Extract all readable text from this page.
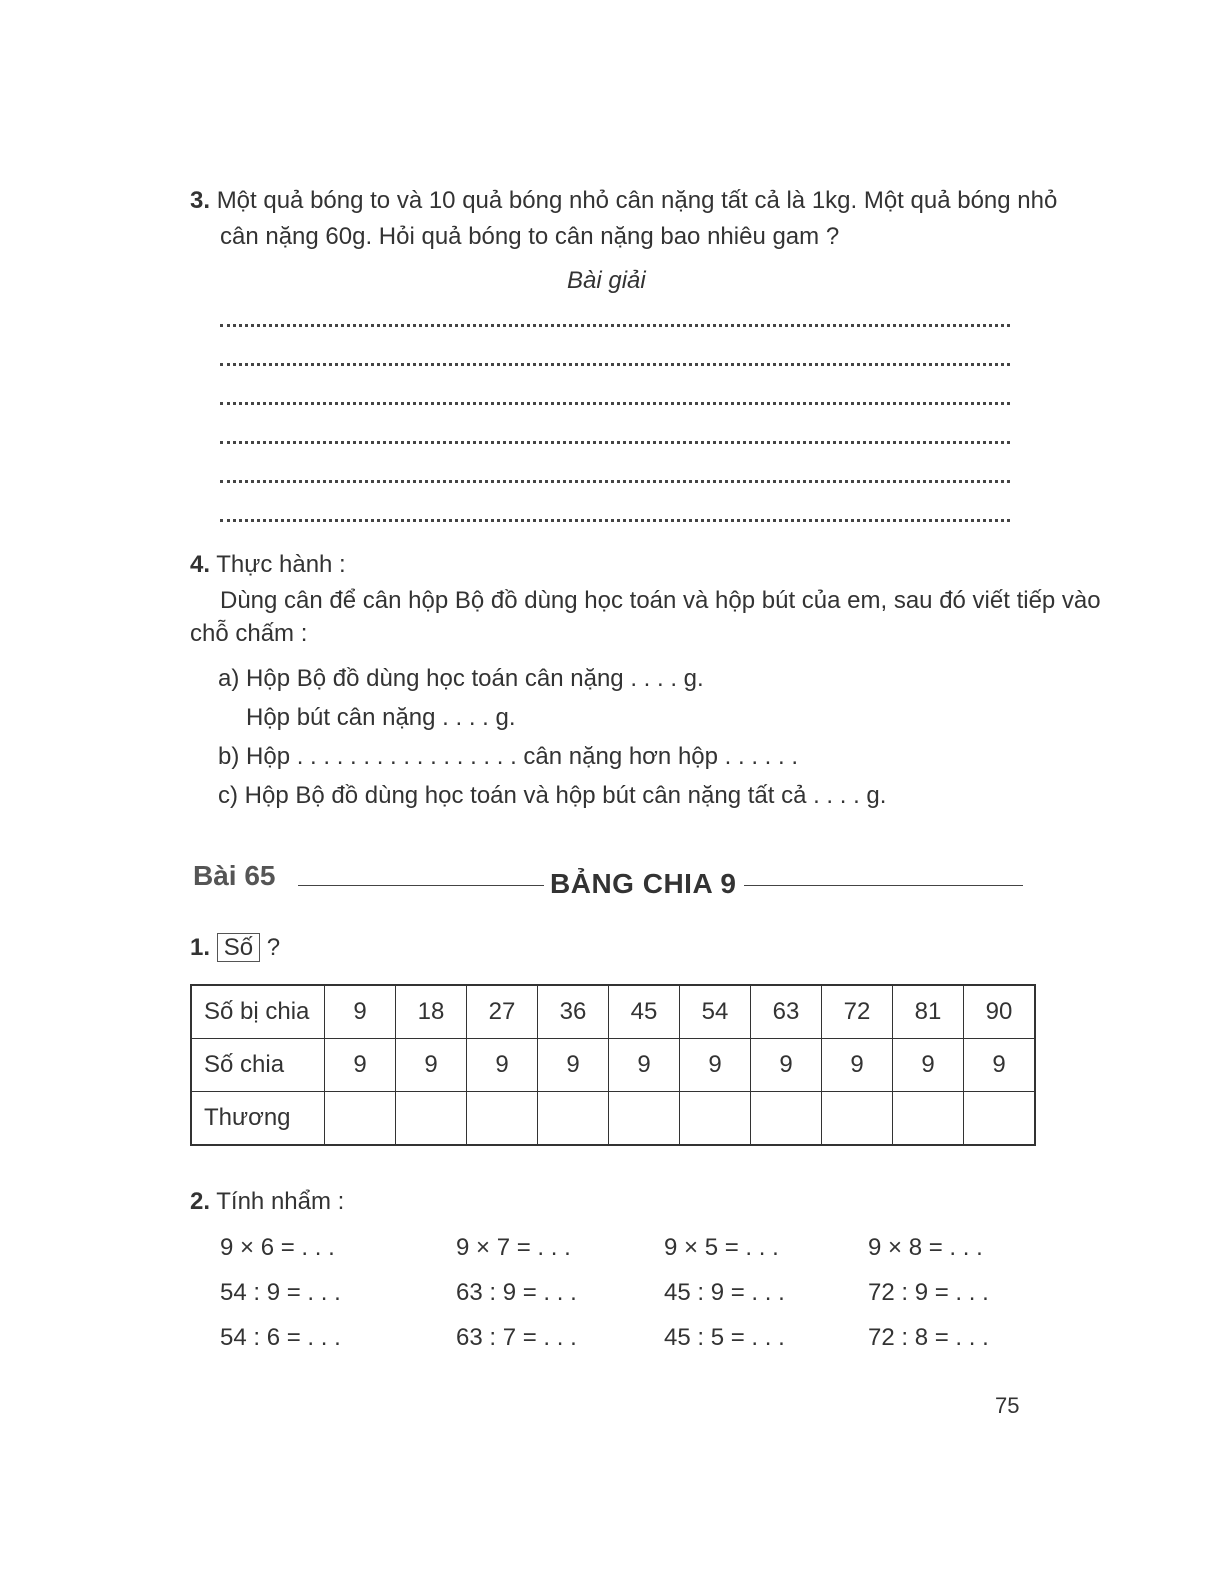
3. Một quả bóng to và 10 quả bóng nhỏ cân nặng tất cả là 1kg. Một quả bóng nhỏ
cân nặng 60g. Hỏi quả bóng to cân nặng bao nhiêu gam ?
Bài giải
4. Thực hành :
Dùng cân để cân hộp Bộ đồ dùng học toán và hộp bút của em, sau đó viết tiếp vào
chỗ chấm :
a) Hộp Bộ đồ dùng học toán cân nặng . . . . g.
Hộp bút cân nặng . . . . g.
b) Hộp . . . . . . . . . . . . . . . . . cân nặng hơn hộp . . . . . .
c) Hộp Bộ đồ dùng học toán và hộp bút cân nặng tất cả . . . . g.
Bài 65	BẢNG CHIA 9
1. Số ?
Số bị chia	9	18	27	36	45	54	63	72	81	90
Số chia	9	9	9	9	9	9	9	9	9	9
Thương										
2. Tính nhẩm :
9 × 6 = . . .	9 × 7 = . . .	9 × 5 = . . .	9 × 8 = . . .
54 : 9 = . . .	63 : 9 = . . .	45 : 9 = . . .	72 : 9 = . . .
54 : 6 = . . .	63 : 7 = . . .	45 : 5 = . . .	72 : 8 = . . .
75
